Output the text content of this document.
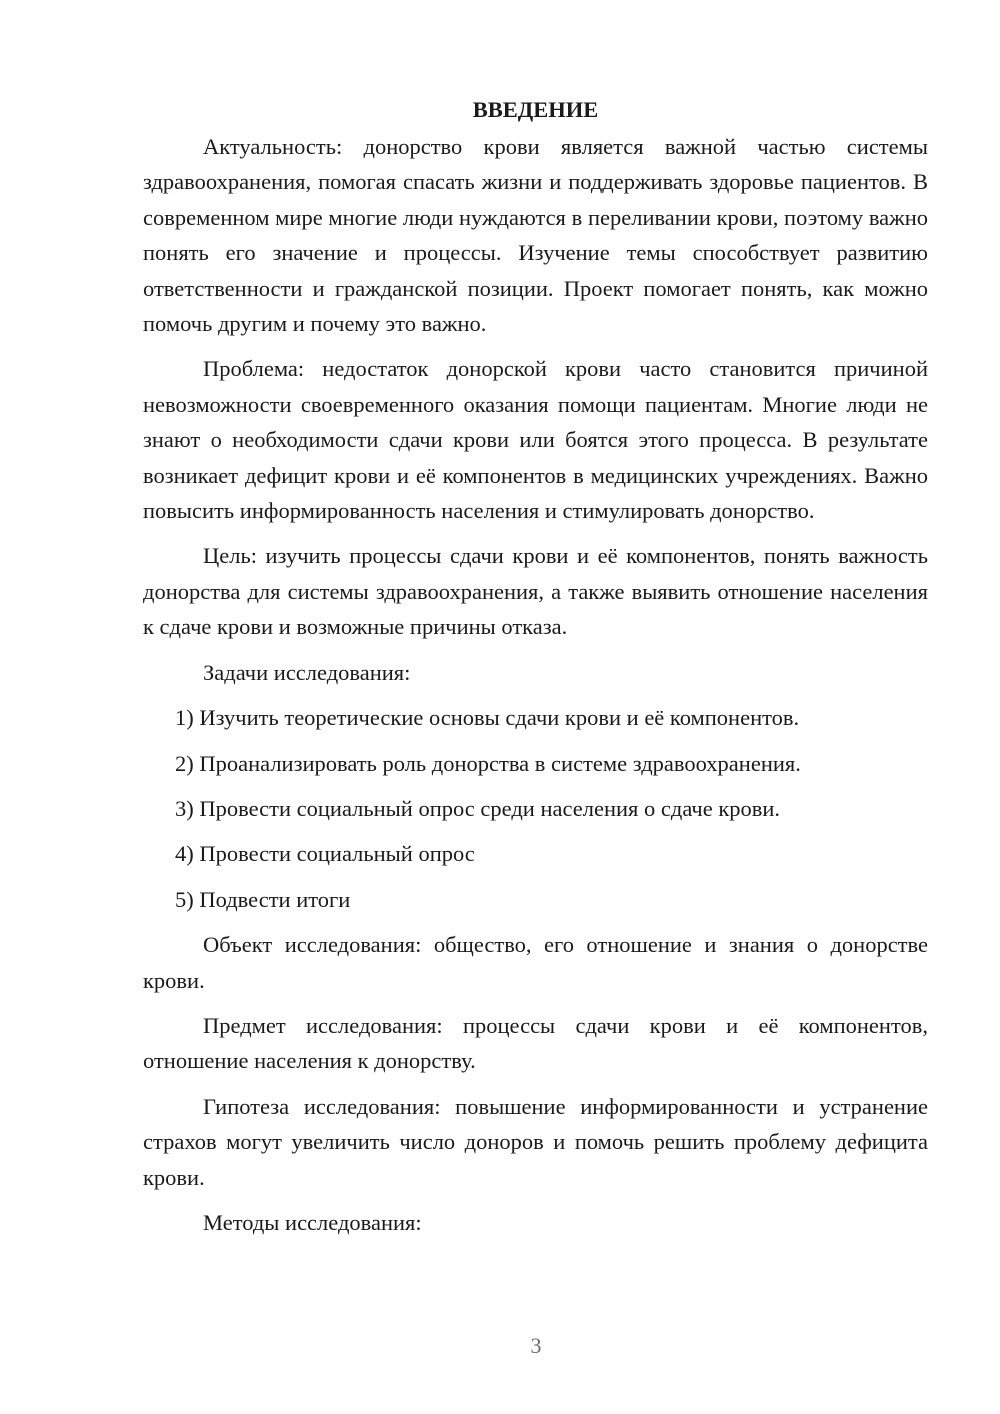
ВВЕДЕНИЕ

Актуальность: донорство крови является важной частью системы здравоохранения, помогая спасать жизни и поддерживать здоровье пациентов. В современном мире многие люди нуждаются в переливании крови, поэтому важно понять его значение и процессы. Изучение темы способствует развитию ответственности и гражданской позиции. Проект помогает понять, как можно помочь другим и почему это важно.

Проблема: недостаток донорской крови часто становится причиной невозможности своевременного оказания помощи пациентам. Многие люди не знают о необходимости сдачи крови или боятся этого процесса. В результате возникает дефицит крови и её компонентов в медицинских учреждениях. Важно повысить информированность населения и стимулировать донорство.

Цель: изучить процессы сдачи крови и её компонентов, понять важность донорства для системы здравоохранения, а также выявить отношение населения к сдаче крови и возможные причины отказа.

Задачи исследования:

1) Изучить теоретические основы сдачи крови и её компонентов.
2) Проанализировать роль донорства в системе здравоохранения.
3) Провести социальный опрос среди населения о сдаче крови.
4) Провести социальный опрос
5) Подвести итоги

Объект исследования: общество, его отношение и знания о донорстве крови.

Предмет исследования: процессы сдачи крови и её компонентов, отношение населения к донорству.

Гипотеза исследования: повышение информированности и устранение страхов могут увеличить число доноров и помочь решить проблему дефицита крови.

Методы исследования:

3
